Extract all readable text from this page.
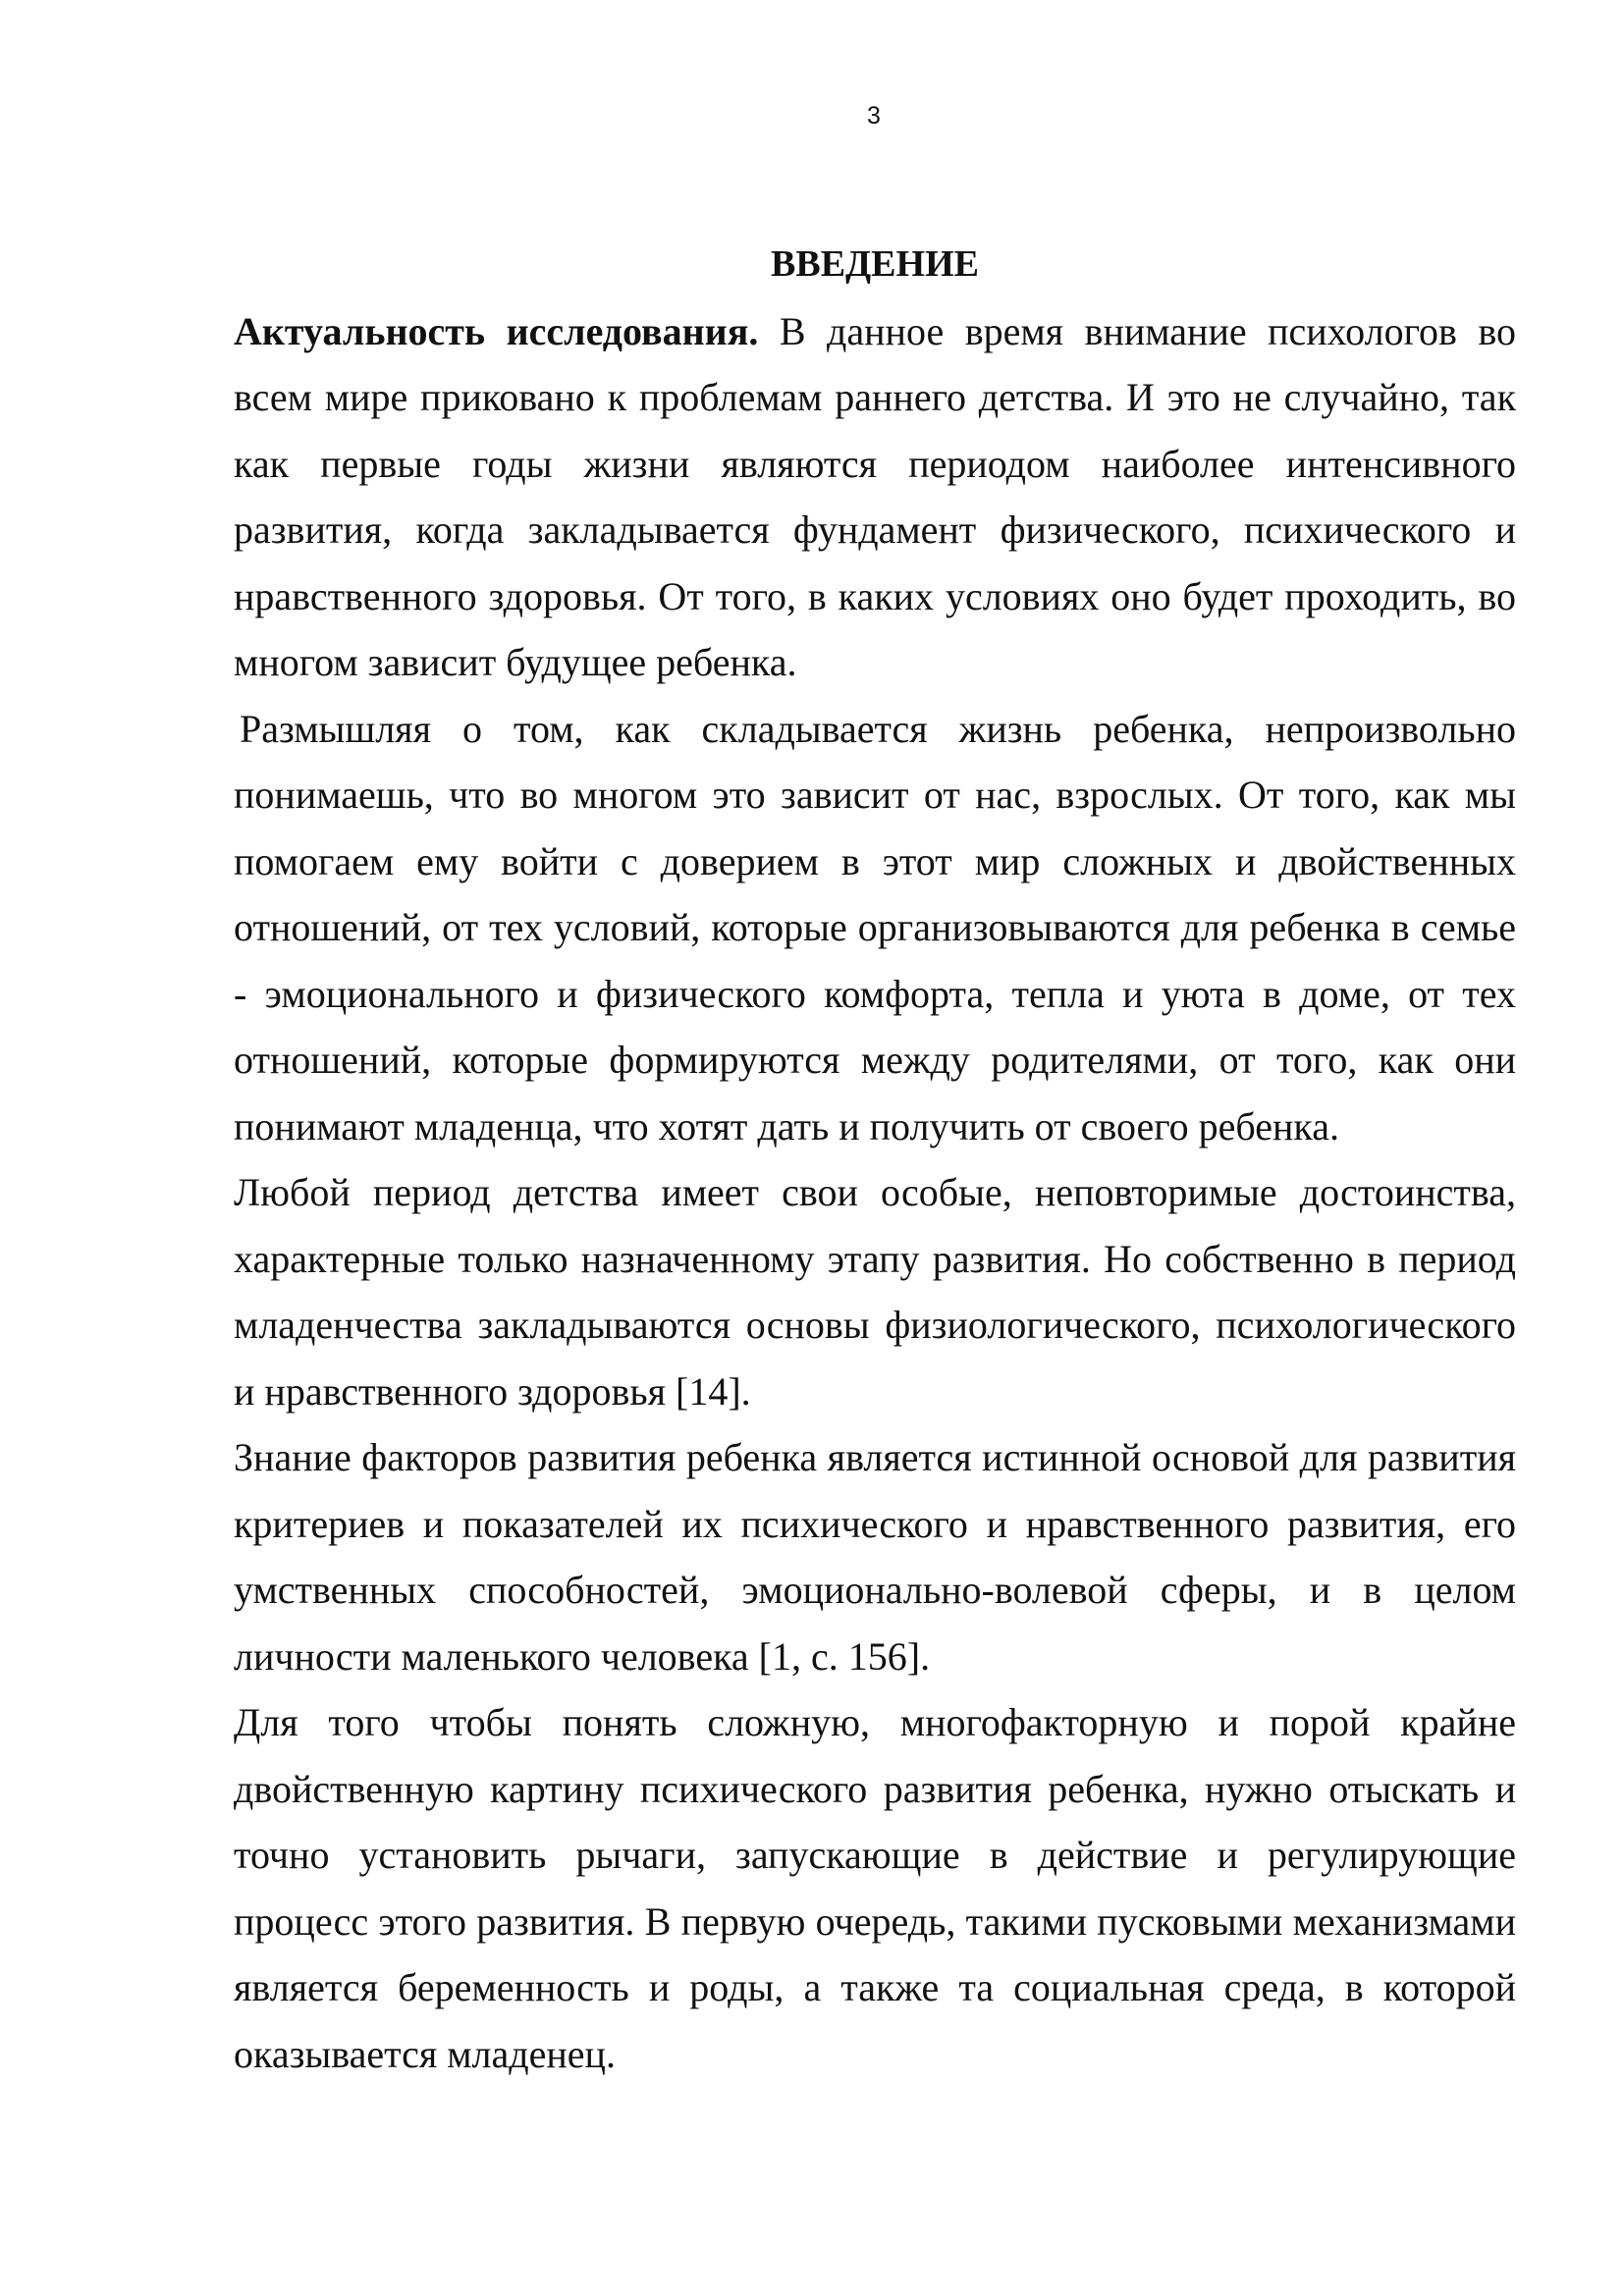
3
ВВЕДЕНИЕ

Актуальность исследования. В данное время внимание психологов во всем мире приковано к проблемам раннего детства. И это не случайно, так как первые годы жизни являются периодом наиболее интенсивного развития, когда закладывается фундамент физического, психического и нравственного здоровья. От того, в каких условиях оно будет проходить, во многом зависит будущее ребенка.

Размышляя о том, как складывается жизнь ребенка, непроизвольно понимаешь, что во многом это зависит от нас, взрослых. От того, как мы помогаем ему войти с доверием в этот мир сложных и двойственных отношений, от тех условий, которые организовываются для ребенка в семье - эмоционального и физического комфорта, тепла и уюта в доме, от тех отношений, которые формируются между родителями, от того, как они понимают младенца, что хотят дать и получить от своего ребенка.

Любой период детства имеет свои особые, неповторимые достоинства, характерные только назначенному этапу развития. Но собственно в период младенчества закладываются основы физиологического, психологического и нравственного здоровья [14].

Знание факторов развития ребенка является истинной основой для развития критериев и показателей их психического и нравственного развития, его умственных способностей, эмоционально-волевой сферы, и в целом личности маленького человека [1, с. 156].

Для того чтобы понять сложную, многофакторную и порой крайне двойственную картину психического развития ребенка, нужно отыскать и точно установить рычаги, запускающие в действие и регулирующие процесс этого развития. В первую очередь, такими пусковыми механизмами является беременность и роды, а также та социальная среда, в которой оказывается младенец.
